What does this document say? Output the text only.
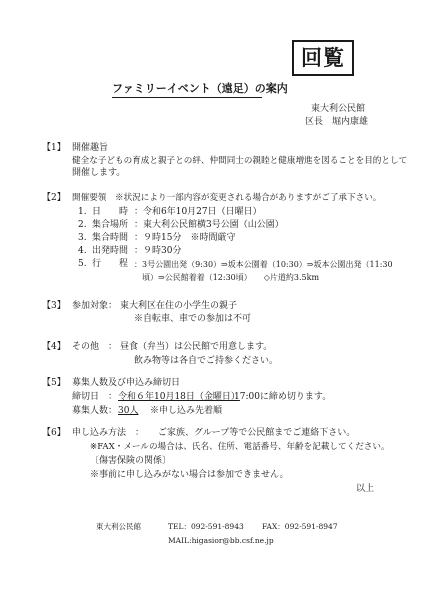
回覧
ファミリーイベント（遠足）の案内
東大利公民館
区長　堀内康雄
【1】 開催趣旨
健全な子どもの育成と親子との絆、仲間同士の親睦と健康増進を図ることを目的として
開催します。
【2】 開催要領　※状況により一部内容が変更される場合がありますがご了承下さい。
1. 日　　時 ：令和6年10月27日（日曜日）
2. 集合場所 ：東大利公民館横3号公園（山公園）
3. 集合時間 ：９時15分　※時間厳守
4. 出発時間 ：９時30分
5. 行　　程 ：3号公園出発（9:30）⇒坂本公園着（10:30）⇒坂本公園出発（11:30
頃）⇒公民館着着（12:30頃）　　◇片道約3.5km
【3】 参加対象： 東大利区在住の小学生の親子
※自転車、車での参加は不可
【4】 その他　： 昼食（弁当）は公民館で用意します。
飲み物等は各自でご持参ください。
【5】 募集人数及び申込み締切日
締切日　： 令和６年10月18日（金曜日）
17:00に締め切ります。
募集人数： 30人 ※申し込み先着順
【6】 申し込み方法　： ご家族、グループ等で公民館までご連絡下さい。
※FAX・メールの場合は、氏名、住所、電話番号、年齢を記載してください。
〔傷害保険の関係〕
※事前に申し込みがない場合は参加できません。
以上
東大利公民館	TEL：092-591-8943 FAX：092-591-8947
MAIL:higasior@bb.csf.ne.jp
